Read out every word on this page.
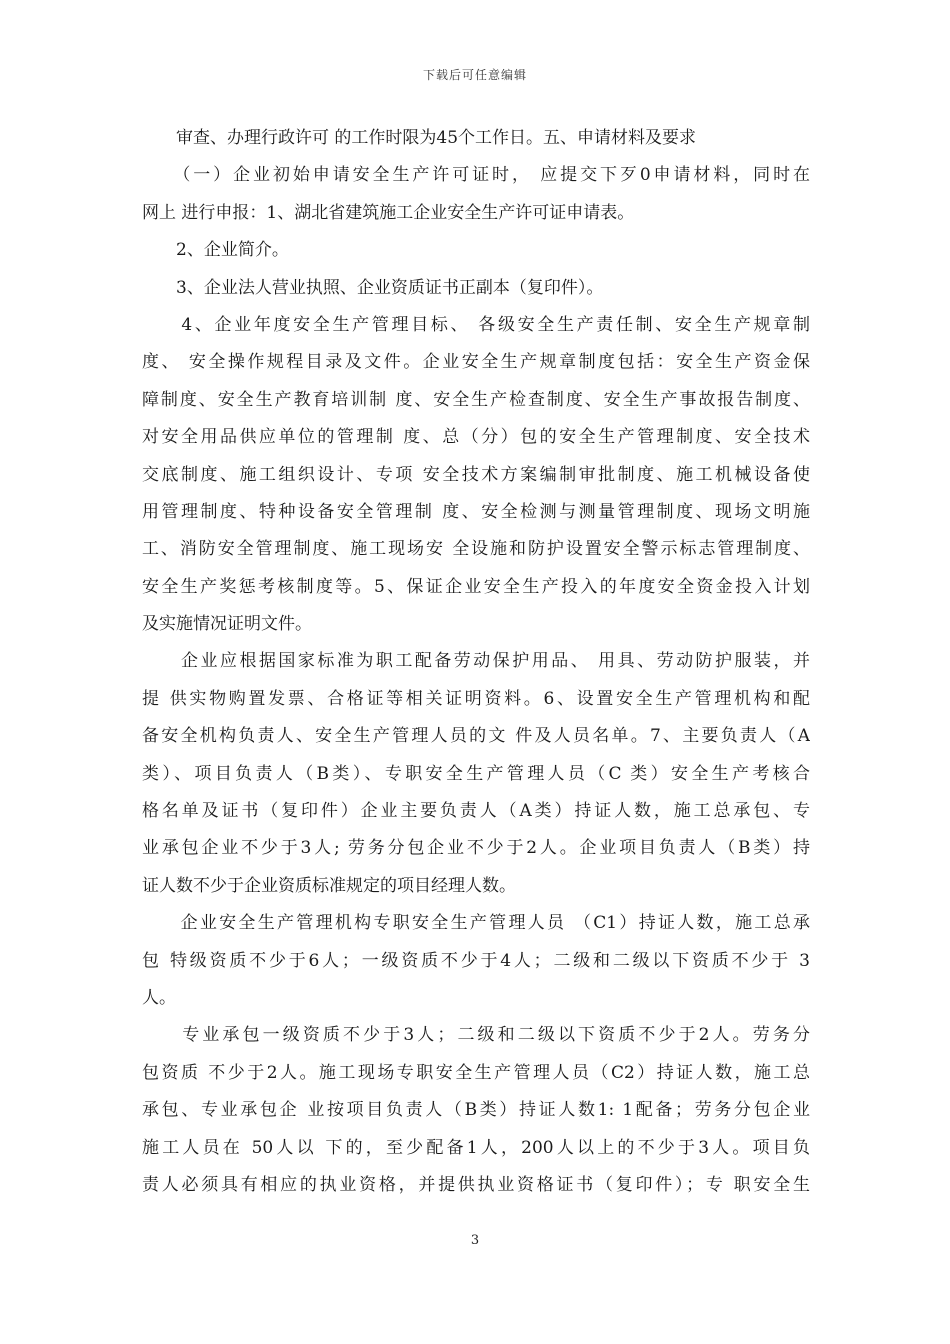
下载后可任意编辑
　　审查、办理行政许可 的工作时限为45个工作日。五、申请材料及要求
　　（一）企业初始申请安全生产许可证时， 应提交下歹0申请材料，同时在
网上 进行申报：1、湖北省建筑施工企业安全生产许可证申请表。
　　2、企业简介。
　　3、企业法人营业执照、企业资质证书正副本（复印件）。
　　4、企业年度安全生产管理目标、 各级安全生产责任制、安全生产规章制
度、 安全操作规程目录及文件。企业安全生产规章制度包括：安全生产资金保
障制度、安全生产教育培训制 度、安全生产检查制度、安全生产事故报告制度、
对安全用品供应单位的管理制 度、总（分）包的安全生产管理制度、安全技术
交底制度、施工组织设计、专项 安全技术方案编制审批制度、施工机械设备使
用管理制度、特种设备安全管理制 度、安全检测与测量管理制度、现场文明施
工、消防安全管理制度、施工现场安 全设施和防护设置安全警示标志管理制度、
安全生产奖惩考核制度等。5、保证企业安全生产投入的年度安全资金投入计划
及实施情况证明文件。
　　企业应根据国家标准为职工配备劳动保护用品、 用具、劳动防护服装，并
提 供实物购置发票、合格证等相关证明资料。6、设置安全生产管理机构和配
备安全机构负责人、安全生产管理人员的文 件及人员名单。7、主要负责人（A
类）、项目负责人（B类）、专职安全生产管理人员（C 类）安全生产考核合
格名单及证书（复印件）企业主要负责人（A类）持证人数，施工总承包、专
业承包企业不少于3人; 劳务分包企业不少于2人。企业项目负责人（B类）持
证人数不少于企业资质标准规定的项目经理人数。
　　企业安全生产管理机构专职安全生产管理人员 （C1）持证人数，施工总承
包 特级资质不少于6人；一级资质不少于4人；二级和二级以下资质不少于 3
人。
　　专业承包一级资质不少于3人；二级和二级以下资质不少于2人。劳务分
包资质 不少于2人。施工现场专职安全生产管理人员（C2）持证人数，施工总
承包、专业承包企 业按项目负责人（B类）持证人数1: 1配备；劳务分包企业
施工人员在 50人以 下的，至少配备1人，200人以上的不少于3人。项目负
责人必须具有相应的执业资格，并提供执业资格证书（复印件）；专 职安全生
3
